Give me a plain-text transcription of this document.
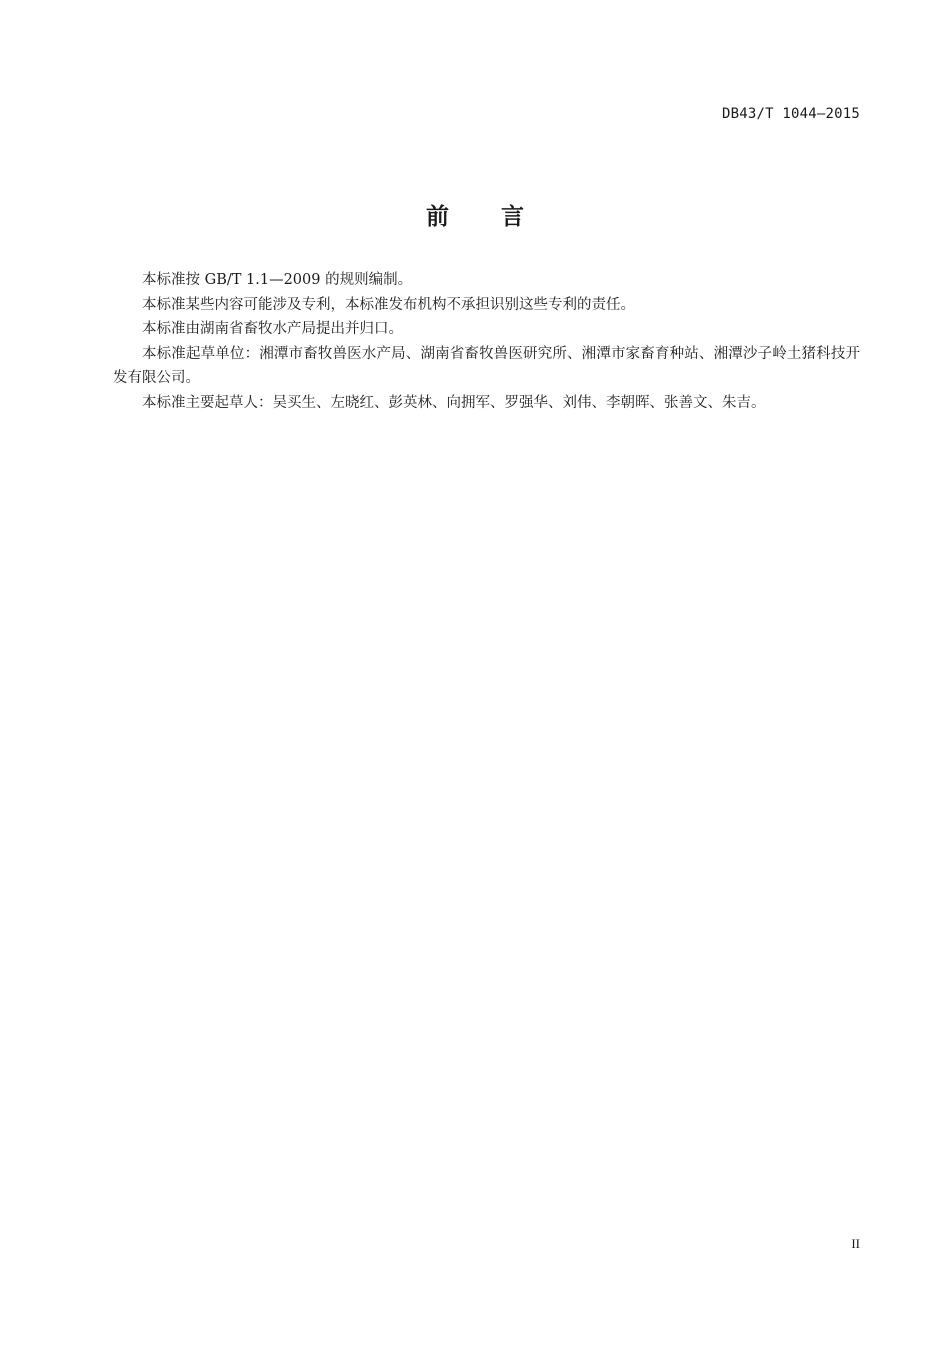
DB43/T 1044—2015
前言

本标准按 GB/T 1.1—2009 的规则编制。

本标准某些内容可能涉及专利，本标准发布机构不承担识别这些专利的责任。

本标准由湖南省畜牧水产局提出并归口。

本标准起草单位：湘潭市畜牧兽医水产局、湖南省畜牧兽医研究所、湘潭市家畜育种站、湘潭沙子岭土猪科技开发有限公司。

本标准主要起草人：吴买生、左晓红、彭英林、向拥军、罗强华、刘伟、李朝晖、张善文、朱吉。

II
